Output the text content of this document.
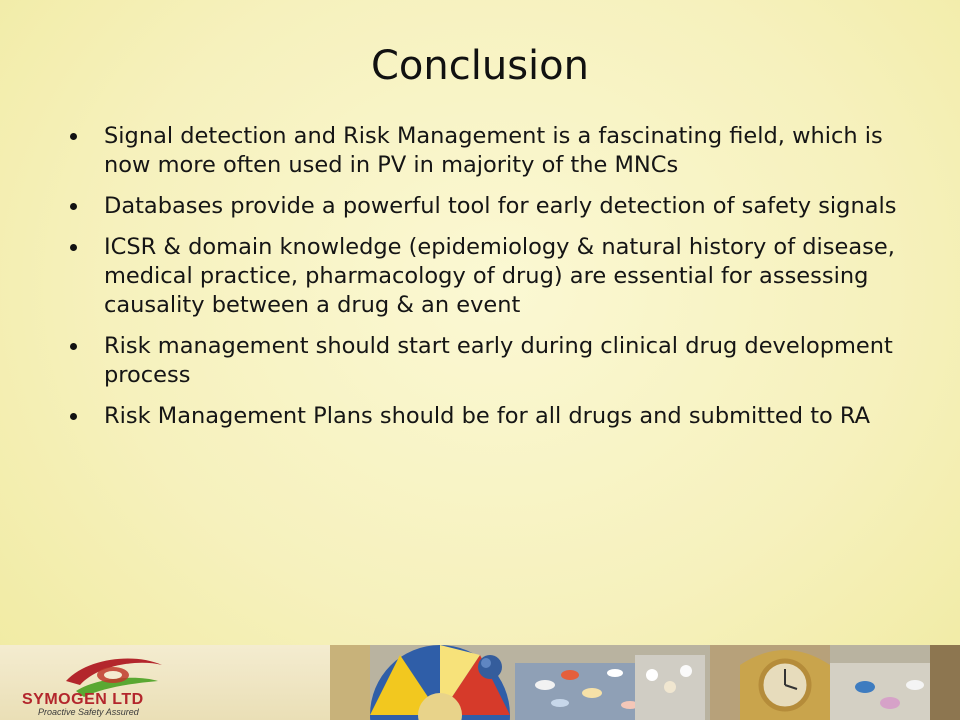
Conclusion
Signal detection and Risk Management is a fascinating field, which is now more often used in PV in majority of the MNCs
Databases provide a powerful tool for early detection of safety signals
ICSR & domain knowledge (epidemiology & natural history of disease, medical practice, pharmacology of drug) are essential for assessing causality between a drug & an event
Risk management should start early during clinical drug development process
Risk Management Plans should be for all drugs and submitted to RA
SYMOGEN LTD
Proactive Safety Assured
